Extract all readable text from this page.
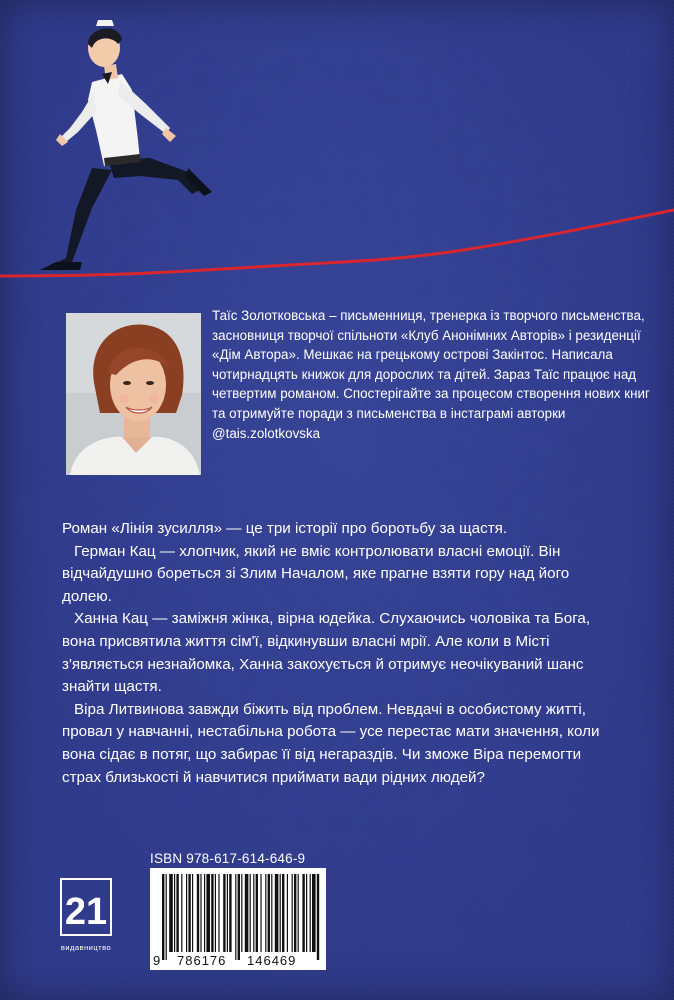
Таїс Золотковська – письменниця, тренерка із творчого письменства, засновниця творчої спільноти «Клуб Анонімних Авторів» і резиденції «Дім Автора». Мешкає на грецькому острові Закінтос. Написала чотирнадцять книжок для дорослих та дітей. Зараз Таїс працює над четвертим романом. Спостерігайте за процесом створення нових книг та отримуйте поради з письменства в інстаграмі авторки @tais.zolotkovska

Роман «Лінія зусилля» — це три історії про боротьбу за щастя.

Герман Кац — хлопчик, який не вміє контролювати власні емоції. Він відчайдушно бореться зі Злим Началом, яке прагне взяти гору над його долею.

Ханна Кац — заміжня жінка, вірна юдейка. Слухаючись чоловіка та Бога, вона присвятила життя сім'ї, відкинувши власні мрії. Але коли в Місті з'являється незнайомка, Ханна закохується й отримує неочікуваний шанс знайти щастя.

Віра Литвинова завжди біжить від проблем. Невдачі в особистому житті, провал у навчанні, нестабільна робота — усе перестає мати значення, коли вона сідає в потяг, що забирає її від негараздів. Чи зможе Віра перемогти страх близькості й навчитися приймати вади рідних людей?

21
видавництво
ISBN 978-617-614-646-9
9 786176 146469
